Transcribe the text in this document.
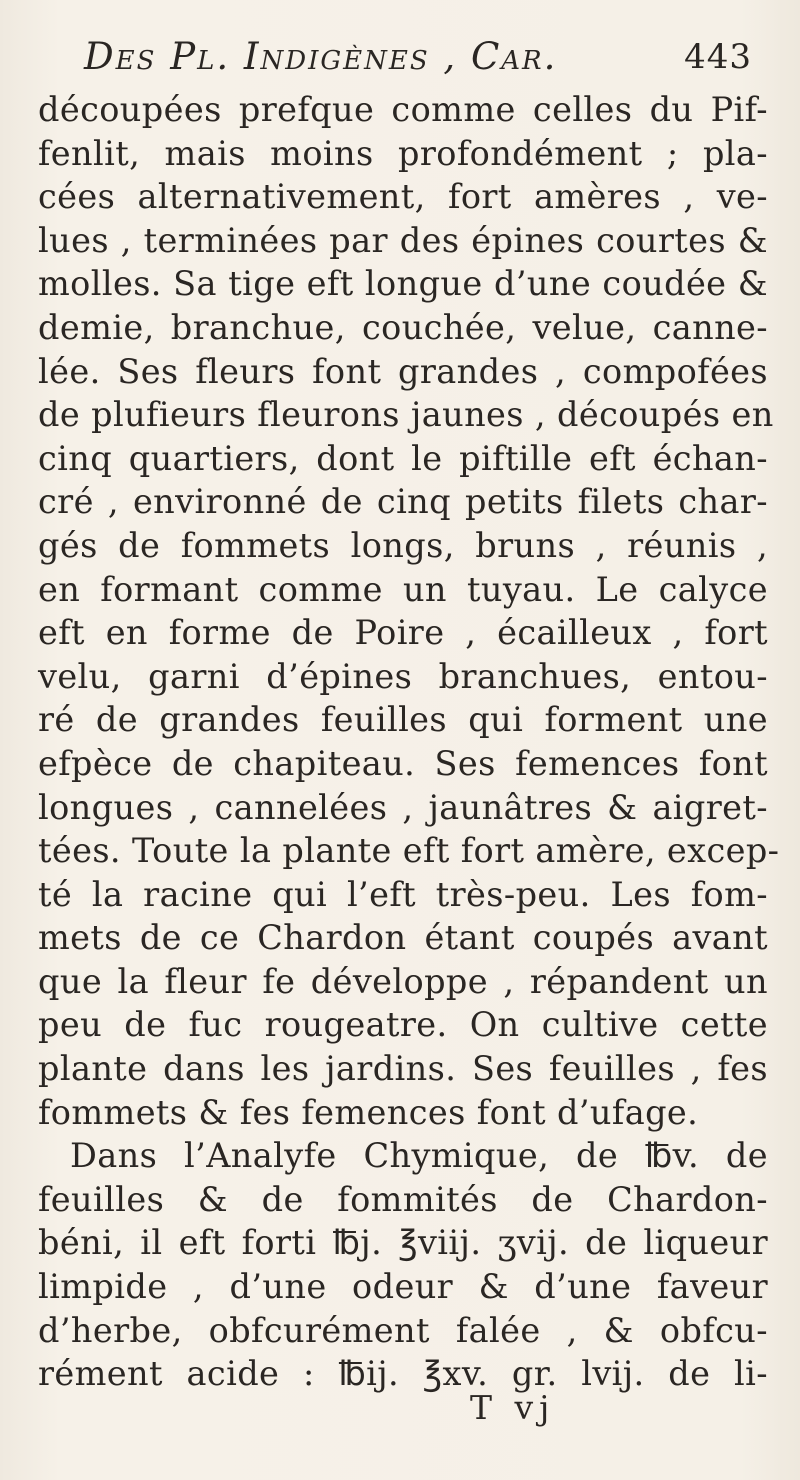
Des Pl. Indigènes , Car.	443
découpées prefque comme celles du Pif-
fenlit, mais moins profondément ; pla-
cées alternativement, fort amères , ve-
lues , terminées par des épines courtes &
molles. Sa tige eft longue d’une coudée &
demie, branchue, couchée, velue, canne-
lée. Ses fleurs font grandes , compofées
de plufieurs fleurons jaunes , découpés en
cinq quartiers, dont le piftille eft échan-
cré , environné de cinq petits filets char-
gés de fommets longs, bruns , réunis ,
en formant comme un tuyau. Le calyce
eft en forme de Poire , écailleux , fort
velu, garni d’épines branchues, entou-
ré de grandes feuilles qui forment une
efpèce de chapiteau. Ses femences font
longues , cannelées , jaunâtres & aigret-
tées. Toute la plante eft fort amère, excep-
té la racine qui l’eft très-peu. Les fom-
mets de ce Chardon étant coupés avant
que la fleur fe développe , répandent un
peu de fuc rougeatre. On cultive cette
plante dans les jardins. Ses feuilles , fes
fommets & fes femences font d’ufage.
Dans l’Analyfe Chymique, de ℔v. de
feuilles & de fommités de Chardon-
béni, il eft forti ℔j. ℥viij. ʒvij. de liqueur
limpide , d’une odeur & d’une faveur
d’herbe, obfcurément falée , & obfcu-
rément acide : ℔ij. ℥xv. gr. lvij. de li-
T vj
